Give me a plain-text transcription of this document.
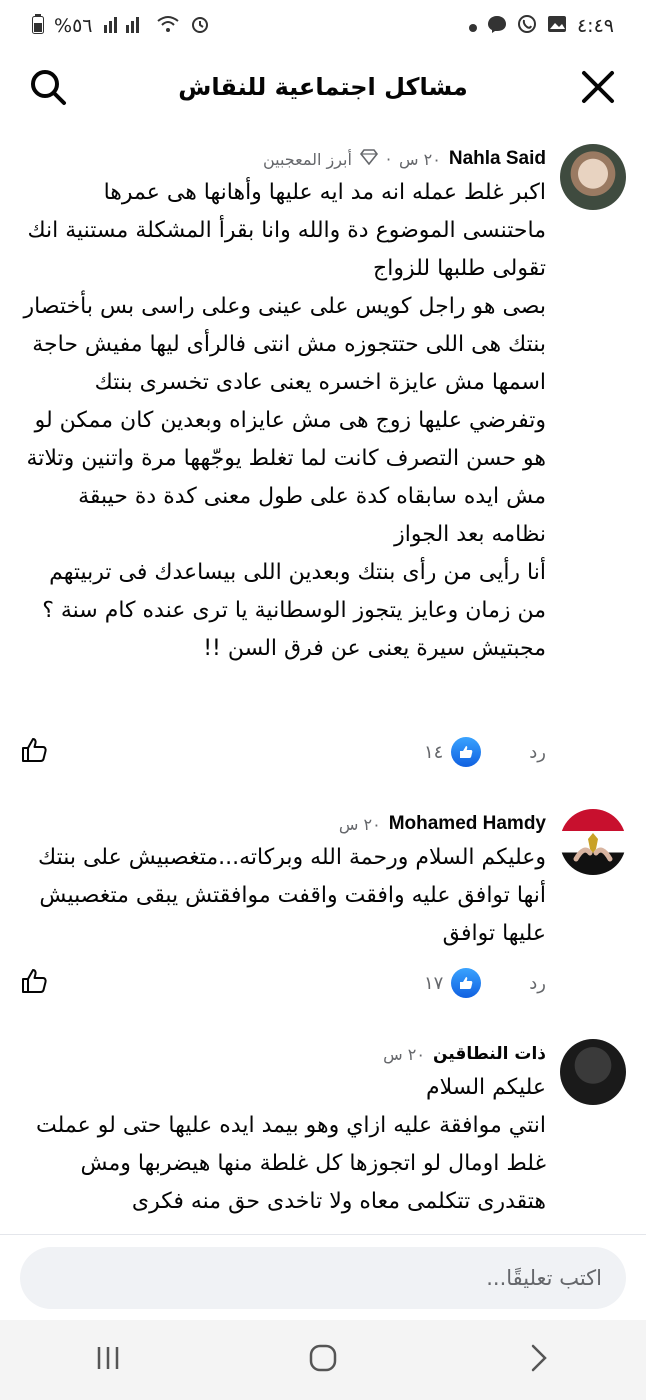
%٥٦	٤:٤٩
مشاكل اجتماعية للنقاش
Nahla Said
٢٠ س
·
أبرز المعجبين

اكبر غلط عمله انه مد ايه عليها وأهانها هى عمرها ماحتنسى الموضوع دة والله وانا بقرأ المشكلة مستنية انك تقولى طلبها للزواج
بصى هو راجل كويس على عينى وعلى راسى بس بأختصار بنتك هى اللى حتتجوزه مش انتى فالرأى ليها مفيش حاجة اسمها مش عايزة اخسره يعنى عادى تخسرى بنتك وتفرضي عليها زوج هى مش عايزاه وبعدين كان ممكن لو هو حسن التصرف كانت لما تغلط يوجّهها مرة واتنين وتلاتة مش ايده سابقاه كدة على طول معنى كدة دة حيبقة نظامه بعد الجواز
أنا رأيى من رأى بنتك وبعدين اللى بيساعدك فى تربيتهم من زمان وعايز يتجوز الوسطانية يا ترى عنده كام سنة ؟ مجبتيش سيرة يعنى عن فرق السن !!

١٤	رد
Mohamed Hamdy
٢٠ س

وعليكم السلام ورحمة الله وبركاته...متغصبيش على بنتك أنها توافق عليه وافقت واقفت موافقتش يبقى متغصبيش عليها توافق

١٧	رد
ذات النطاقين
٢٠ س

عليكم السلام
انتي موافقة عليه ازاي وهو بيمد ايده عليها حتى لو عملت غلط اومال لو اتجوزها كل غلطة منها هيضربها ومش هتقدرى تتكلمى معاه ولا تاخدى حق منه فكرى

اكتب تعليقًا...
